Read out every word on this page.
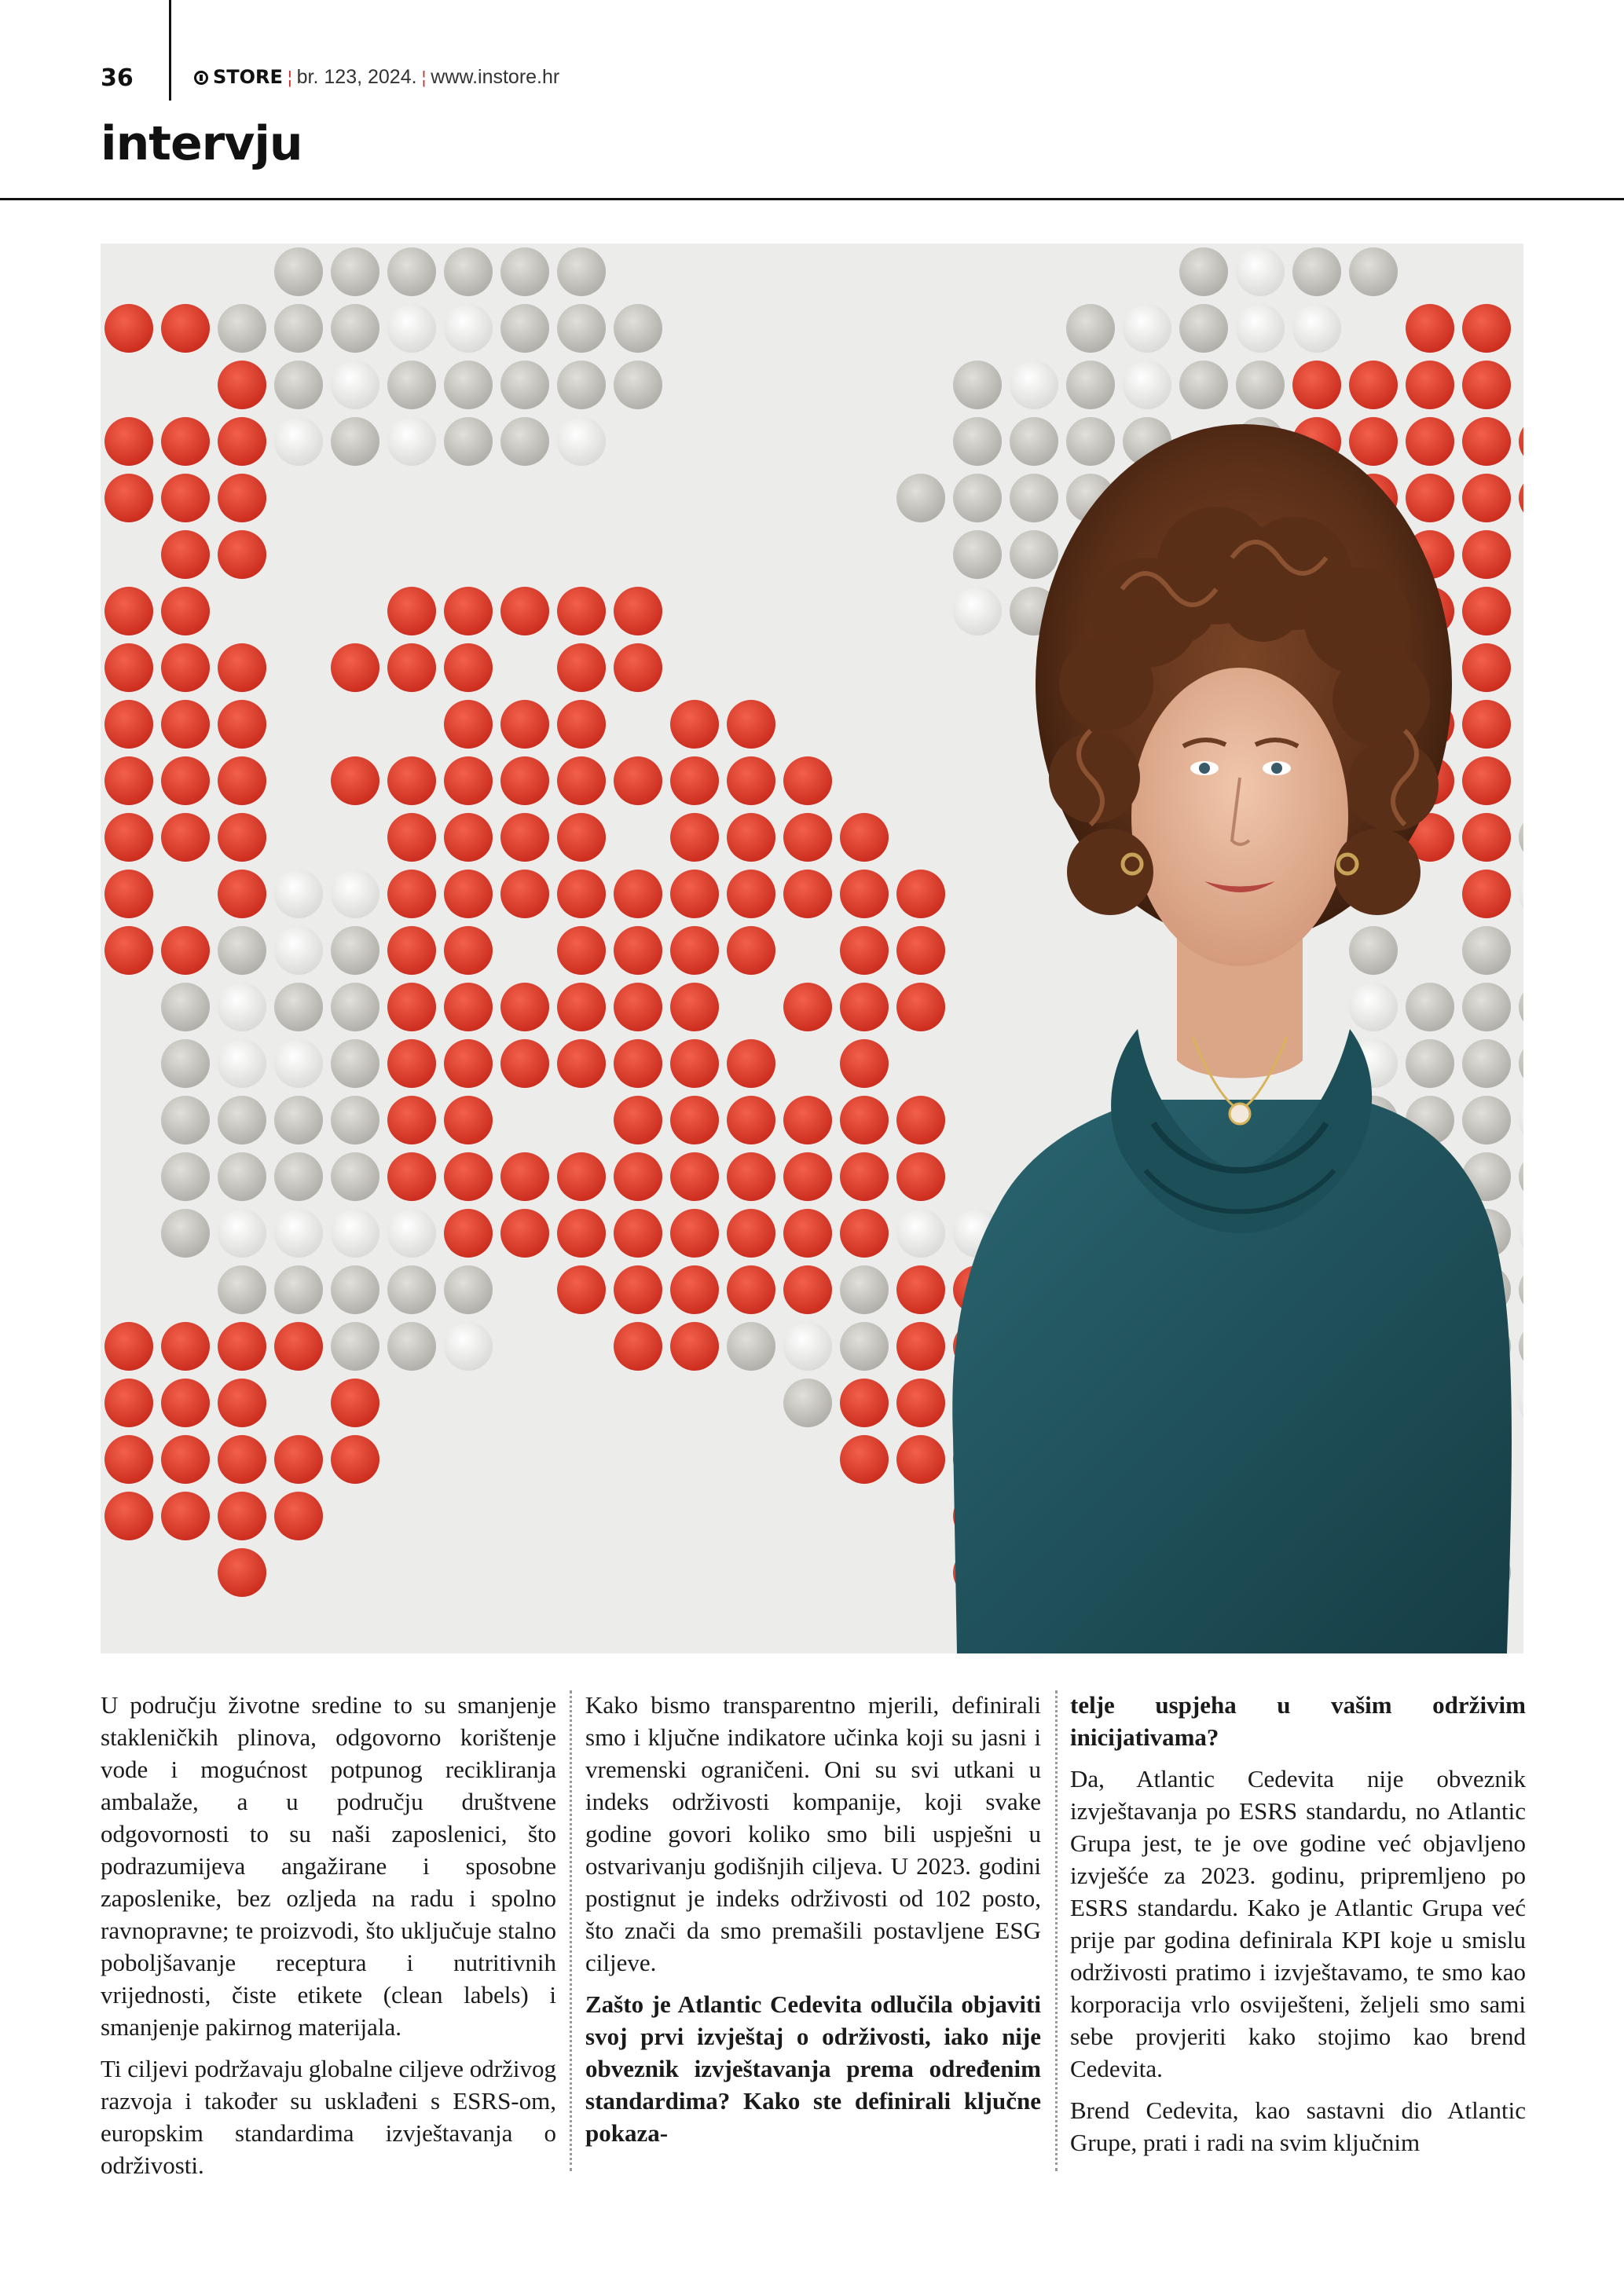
36	STORE ¦ br. 123, 2024. ¦ www.instore.hr
intervju

U području životne sredine to su smanjenje stakleničkih plinova, odgovorno korištenje vode i mogućnost potpunog recikliranja ambalaže, a u području društvene odgovornosti to su naši zaposlenici, što podrazumijeva angažirane i sposobne zaposlenike, bez ozljeda na radu i spolno ravnopravne; te proizvodi, što uključuje stalno poboljšavanje receptura i nutritivnih vrijednosti, čiste etikete (clean labels) i smanjenje pakirnog materijala.

Ti ciljevi podržavaju globalne ciljeve održivog razvoja i također su usklađeni s ESRS-om, europskim standardima izvještavanja o održivosti.

Kako bismo transparentno mjerili, definirali smo i ključne indikatore učinka koji su jasni i vremenski ograničeni. Oni su svi utkani u indeks održivosti kompanije, koji svake godine govori koliko smo bili uspješni u ostvarivanju godišnjih ciljeva. U 2023. godini postignut je indeks održivosti od 102 posto, što znači da smo premašili postavljene ESG ciljeve.

Zašto je Atlantic Cedevita odlučila objaviti svoj prvi izvještaj o održivosti, iako nije obveznik izvještavanja prema određenim standardima? Kako ste definirali ključne pokaza-

telje uspjeha u vašim održivim inicijativama?

Da, Atlantic Cedevita nije obveznik izvještavanja po ESRS standardu, no Atlantic Grupa jest, te je ove godine već objavljeno izvješće za 2023. godinu, pripremljeno po ESRS standardu. Kako je Atlantic Grupa već prije par godina definirala KPI koje u smislu održivosti pratimo i izvještavamo, te smo kao korporacija vrlo osviješteni, željeli smo sami sebe provjeriti kako stojimo kao brend Cedevita.

Brend Cedevita, kao sastavni dio Atlantic Grupe, prati i radi na svim ključnim
